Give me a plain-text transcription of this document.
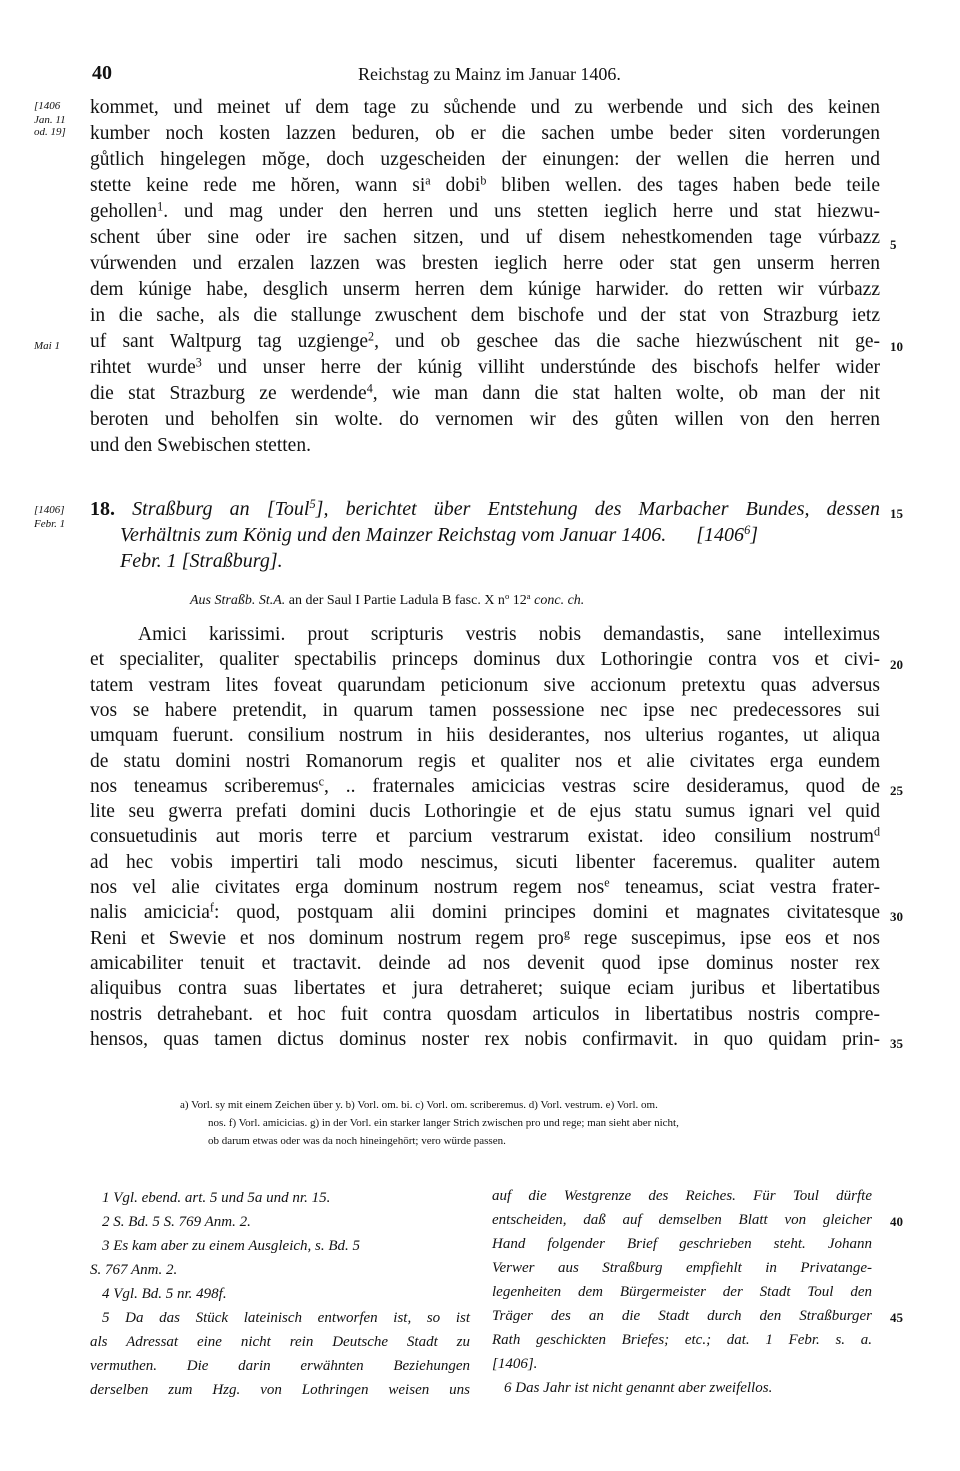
40	Reichstag zu Mainz im Januar 1406.
[1406
Jan. 11
od. 19]
Mai 1
5
10
kommet, und meinet uf dem tage zu sůchende und zu werbende und sich des keinen
kumber noch kosten lazzen beduren, ob er die sachen umbe beder siten vorderungen
gůtlich hingelegen mŏge, doch uzgescheiden der einungen: der wellen die herren und
stette keine rede me hŏren, wann $si^a$ dobi$^b$ bliben wellen. des tages haben bede teile
gehollen$^1$. und mag under den herren und uns stetten ieglich herre und stat hiezwu-
schent úber sine oder ire sachen sitzen, und uf disem nehestkomenden tage vúrbazz
vúrwenden und erzalen lazzen was bresten ieglich herre oder stat gen unserm herren
dem kúnige habe, desglich unserm herren dem kúnige harwider. do retten wir vúrbazz
in die sache, als die stallunge zwuschent dem bischofe und der stat von Strazburg ietz
uf sant Waltpurg tag uzgienge$^2$, und ob geschee das die sache hiezwúschent nit ge-
rihtet wurde$^3$ und unser herre der kúnig villiht understúnde des bischofs helfer wider
die stat Strazburg ze werdende$^4$, wie man dann die stat halten wolte, ob man der nit
beroten und beholfen sin wolte. do vernomen wir des gůten willen von den herren
und den Swebischen stetten.
[1406]
Febr. 1
15
18. Straßburg an [Toul$^5$], berichtet über Entstehung des Marbacher Bundes, dessen
Verhältnis zum König und den Mainzer Reichstag vom Januar 1406. [1406$^6$]
Febr. 1 [Straßburg].
Aus Straßb. St.A. an der Saul I Partie Ladula B fasc. X $n^o$ 12$^a$ conc. ch.
20
25
30
35
Amici karissimi. prout scripturis vestris nobis demandastis, sane intelleximus
et specialiter, qualiter spectabilis princeps dominus dux Lothoringie contra vos et civi-
tatem vestram lites foveat quarundam peticionum sive accionum pretextu quas adversus
vos se habere pretendit, in quarum tamen possessione nec ipse nec predecessores sui
umquam fuerunt. consilium nostrum in hiis desiderantes, nos ulterius rogantes, ut aliqua
de statu domini nostri Romanorum regis et qualiter nos et alie civitates erga eundem
nos teneamus scriberemus$^c$, .. fraternales amicicias vestras scire desideramus, quod de
lite seu gwerra prefati domini ducis Lothoringie et de ejus statu sumus ignari vel quid
consuetudinis aut moris terre et parcium vestrarum existat. ideo consilium nostrum$^d$
ad hec vobis impertiri tali modo nescimus, sicuti libenter faceremus. qualiter autem
nos vel alie civitates erga dominum nostrum regem nos$^e$ teneamus, sciat vestra frater-
nalis amicicia$^f$: quod, postquam alii domini principes domini et magnates civitatesque
Reni et Swevie et nos dominum nostrum regem pro$^g$ rege suscepimus, ipse eos et nos
amicabiliter tenuit et tractavit. deinde ad nos devenit quod ipse dominus noster rex
aliquibus contra suas libertates et jura detraheret; suique eciam juribus et libertatibus
nostris detrahebant. et hoc fuit contra quosdam articulos in libertatibus nostris compre-
hensos, quas tamen dictus dominus noster rex nobis confirmavit. in quo quidam prin-
a) Vorl. sy mit einem Zeichen über y. b) Vorl. om. bi. c) Vorl. om. scriberemus. d) Vorl. vestrum. e) Vorl. om.
nos. f) Vorl. amicicias. g) in der Vorl. ein starker langer Strich zwischen pro und rege; man sieht aber nicht,
ob darum etwas oder was da noch hineingehört; vero würde passen.
1 Vgl. ebend. art. 5 und 5a und nr. 15.
2 S. Bd. 5 S. 769 Anm. 2.
3 Es kam aber zu einem Ausgleich, s. Bd. 5
S. 767 Anm. 2.
4 Vgl. Bd. 5 nr. 498f.
5 Da das Stück lateinisch entworfen ist, so ist
als Adressat eine nicht rein Deutsche Stadt zu
vermuthen. Die darin erwähnten Beziehungen
derselben zum Hzg. von Lothringen weisen uns
auf die Westgrenze des Reiches. Für Toul dürfte
entscheiden, daß auf demselben Blatt von gleicher
Hand folgender Brief geschrieben steht. Johann
Verwer aus Straßburg empfiehlt in Privatange-
legenheiten dem Bürgermeister der Stadt Toul den
Träger des an die Stadt durch den Straßburger
Rath geschickten Briefes; etc.; dat. 1 Febr. s. a.
[1406].
6 Das Jahr ist nicht genannt aber zweifellos.
40
45
